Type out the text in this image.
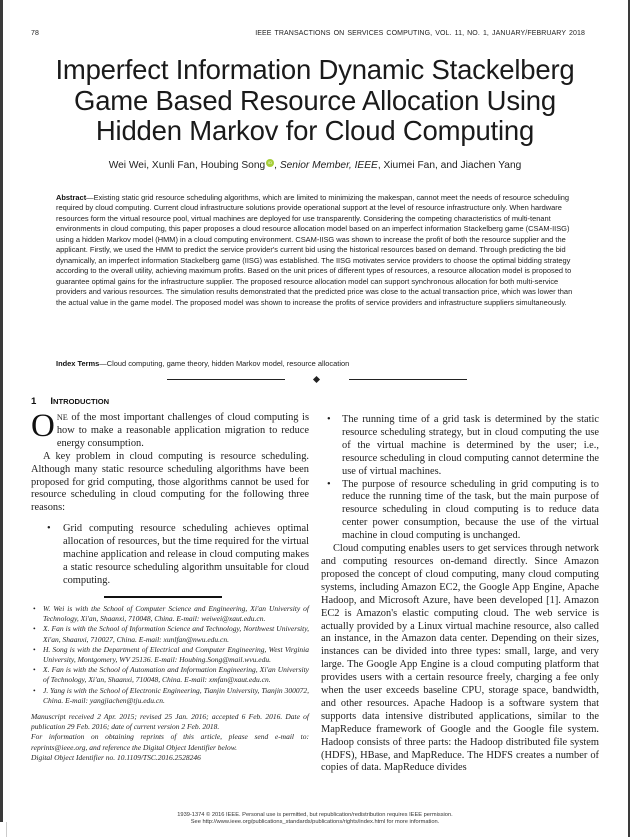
78	IEEE TRANSACTIONS ON SERVICES COMPUTING, VOL. 11, NO. 1, JANUARY/FEBRUARY 2018
Imperfect Information Dynamic Stackelberg
Game Based Resource Allocation Using
Hidden Markov for Cloud Computing
Wei Wei, Xunli Fan, Houbing Song iD , Senior Member, IEEE, Xiumei Fan, and Jiachen Yang
Abstract—Existing static grid resource scheduling algorithms, which are limited to minimizing the makespan, cannot meet the needs of resource scheduling required by cloud computing. Current cloud infrastructure solutions provide operational support at the level of resource infrastructure only. When hardware resources form the virtual resource pool, virtual machines are deployed for use transparently. Considering the competing characteristics of multi-tenant environments in cloud computing, this paper proposes a cloud resource allocation model based on an imperfect information Stackelberg game (CSAM-IISG) using a hidden Markov model (HMM) in a cloud computing environment. CSAM-IISG was shown to increase the profit of both the resource supplier and the applicant. Firstly, we used the HMM to predict the service provider's current bid using the historical resources based on demand. Through predicting the bid dynamically, an imperfect information Stackelberg game (IISG) was established. The IISG motivates service providers to choose the optimal bidding strategy according to the overall utility, achieving maximum profits. Based on the unit prices of different types of resources, a resource allocation model is proposed to guarantee optimal gains for the infrastructure supplier. The proposed resource allocation model can support synchronous allocation for both multi-service providers and various resources. The simulation results demonstrated that the predicted price was close to the actual transaction price, which was lower than the actual value in the game model. The proposed model was shown to increase the profits of service providers and infrastructure suppliers simultaneously.
Index Terms—Cloud computing, game theory, hidden Markov model, resource allocation
1 INTRODUCTION

ONE of the most important challenges of cloud computing is how to make a reasonable application migration to reduce energy consumption.

A key problem in cloud computing is resource scheduling. Although many static resource scheduling algorithms have been proposed for grid computing, those algorithms cannot be used for resource scheduling in cloud computing for the following three reasons:

• Grid computing resource scheduling achieves optimal allocation of resources, but the time required for the virtual machine application and release in cloud computing makes a static resource scheduling algorithm unsuitable for cloud computing.
• W. Wei is with the School of Computer Science and Engineering, Xi'an University of Technology, Xi'an, Shaanxi, 710048, China. E-mail: weiwei@xaut.edu.cn.
• X. Fan is with the School of Information Science and Technology, Northwest University, Xi'an, Shaanxi, 710027, China. E-mail: xunlfan@nwu.edu.cn.
• H. Song is with the Department of Electrical and Computer Engineering, West Virginia University, Montgomery, WV 25136. E-mail: Houbing.Song@mail.wvu.edu.
• X. Fan is with the School of Automation and Information Engineering, Xi'an University of Technology, Xi'an, Shaanxi, 710048, China. E-mail: xmfan@xaut.edu.cn.
• J. Yang is with the School of Electronic Engineering, Tianjin University, Tianjin 300072, China. E-mail: yangjiachen@tju.edu.cn.

Manuscript received 2 Apr. 2015; revised 25 Jan. 2016; accepted 6 Feb. 2016. Date of publication 29 Feb. 2016; date of current version 2 Feb. 2018.

For information on obtaining reprints of this article, please send e-mail to: reprints@ieee.org, and reference the Digital Object Identifier below.

Digital Object Identifier no. 10.1109/TSC.2016.2528246

• The running time of a grid task is determined by the static resource scheduling strategy, but in cloud computing the use of the virtual machine is determined by the user; i.e., resource scheduling in cloud computing cannot determine the use of virtual machines.
• The purpose of resource scheduling in grid computing is to reduce the running time of the task, but the main purpose of resource scheduling in cloud computing is to reduce data center power consumption, because the use of the virtual machine in cloud computing is unchanged.

Cloud computing enables users to get services through network and computing resources on-demand directly. Since Amazon proposed the concept of cloud computing, many cloud computing systems, including Amazon EC2, the Google App Engine, Apache Hadoop, and Microsoft Azure, have been developed [1]. Amazon EC2 is Amazon's elastic computing cloud. The web service is actually provided by a Linux virtual machine resource, also called an instance, in the Amazon data center. Depending on their sizes, instances can be divided into three types: small, large, and very large. The Google App Engine is a cloud computing platform that provides users with a certain resource freely, charging a fee only when the user exceeds baseline CPU, storage space, bandwidth, and other resources. Apache Hadoop is a software system that supports data intensive distributed applications, similar to the MapReduce framework of Google and the Google file system. Hadoop consists of three parts: the Hadoop distributed file system (HDFS), HBase, and MapReduce. The HDFS creates a number of copies of data. MapReduce divides

1939-1374 © 2016 IEEE. Personal use is permitted, but republication/redistribution requires IEEE permission.
See http://www.ieee.org/publications_standards/publications/rights/index.html for more information.
